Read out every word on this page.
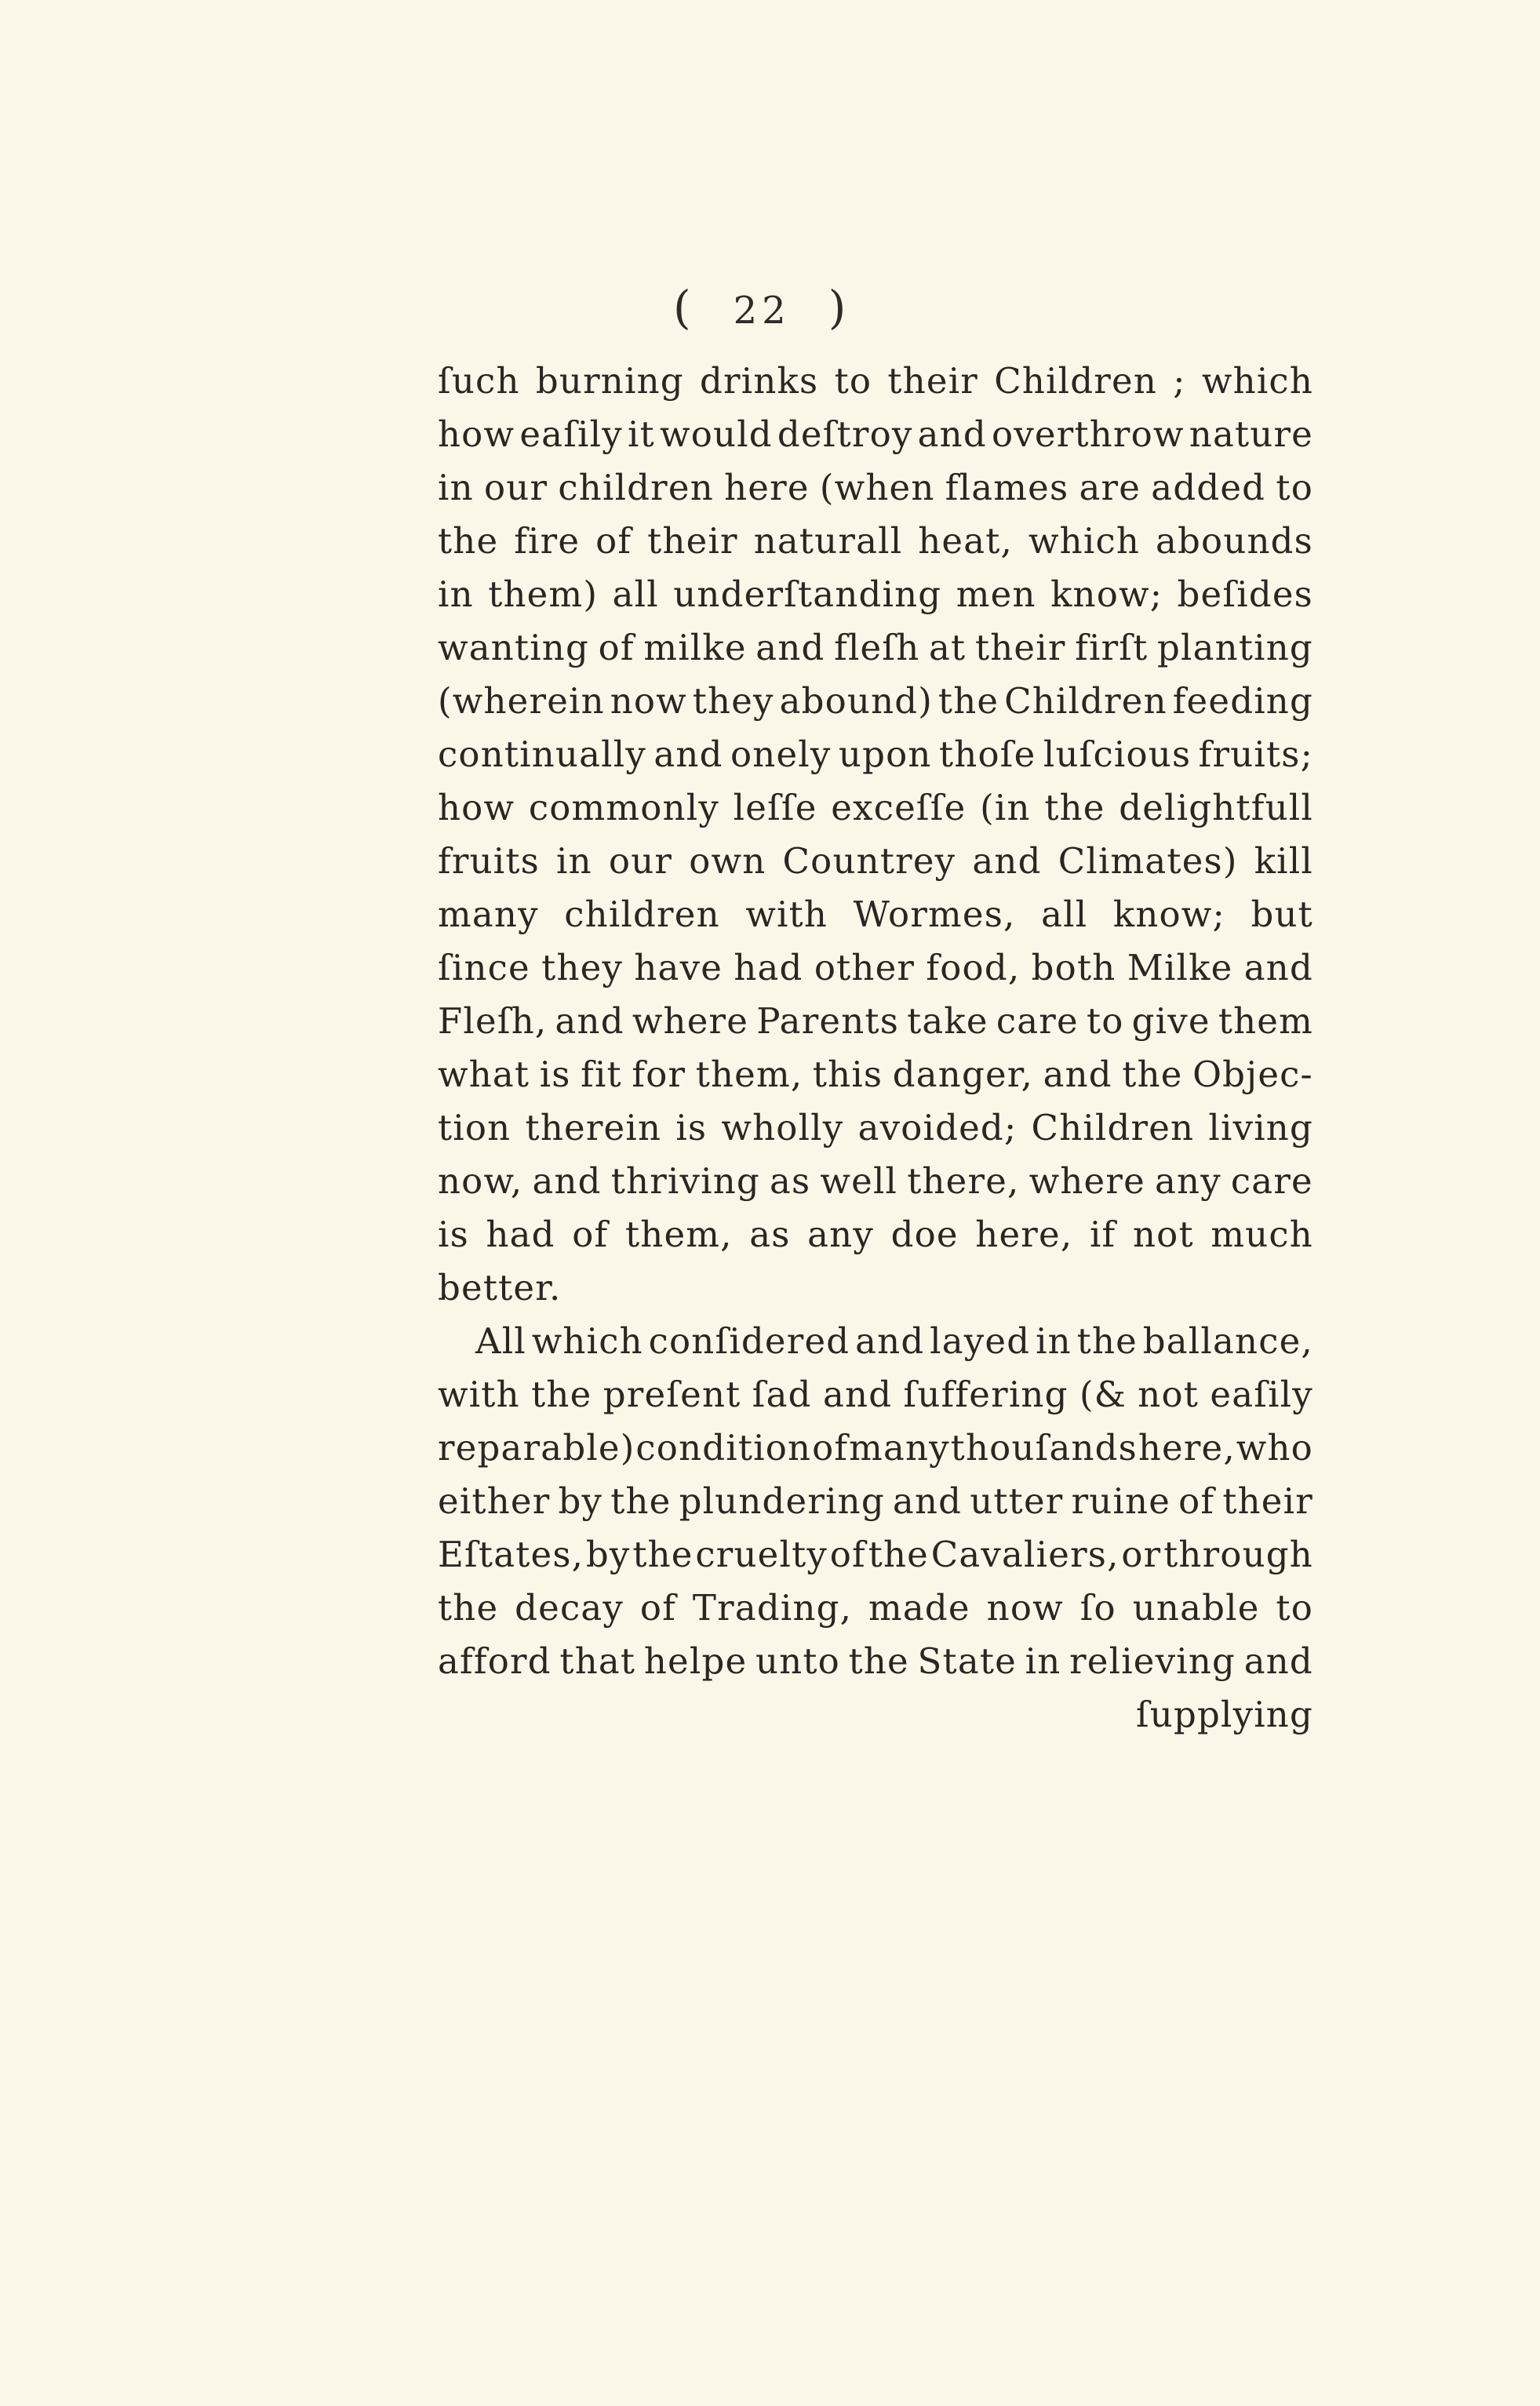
( 22 )
ſuch burning drinks to their Children ; which
how eaſily it would deſtroy and overthrow nature
in our children here (when flames are added to
the fire of their naturall heat, which abounds
in them) all underſtanding men know; beſides
wanting of milke and fleſh at their firſt planting
(wherein now they abound) the Children feeding
continually and onely upon thoſe luſcious fruits;
how commonly leſſe exceſſe (in the delightfull
fruits in our own Countrey and Climates) kill
many children with Wormes, all know; but
ſince they have had other food, both Milke and
Fleſh, and where Parents take care to give them
what is fit for them, this danger, and the Objec-
tion therein is wholly avoided; Children living
now, and thriving as well there, where any care
is had of them, as any doe here, if not much
better.
All which conſidered and layed in the ballance,
with the preſent ſad and ſuffering (& not eaſily
reparable) condition of many thouſands here, who
either by the plundering and utter ruine of their
Eſtates, by the cruelty of the Cavaliers, or through
the decay of Trading, made now ſo unable to
afford that helpe unto the State in relieving and
ſupplying
